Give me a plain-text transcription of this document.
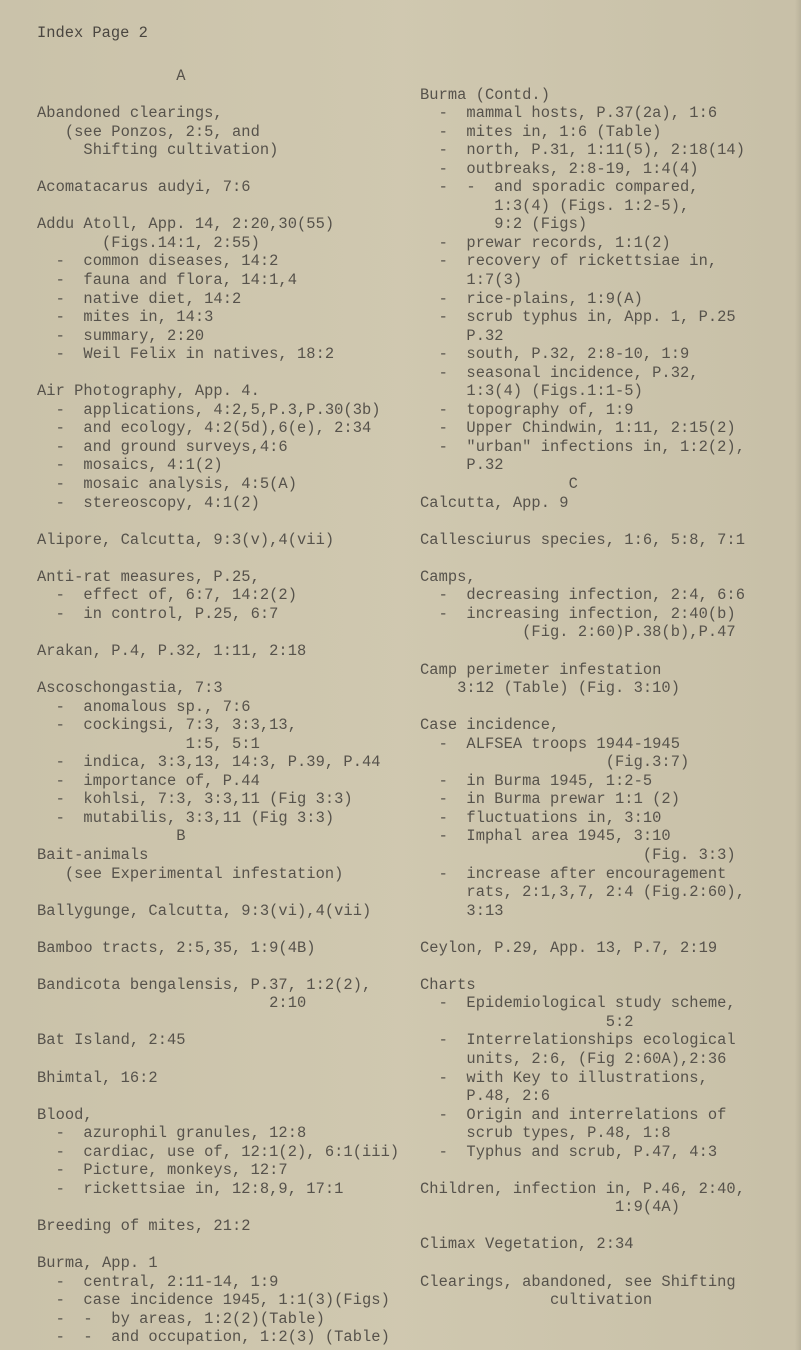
Index Page 2
A
Abandoned clearings,
(see Ponzos, 2:5, and
Shifting cultivation)
Acomatacarus audyi, 7:6
Addu Atoll, App. 14, 2:20,30(55)
(Figs.14:1, 2:55)
-  common diseases, 14:2
-  fauna and flora, 14:1,4
-  native diet, 14:2
-  mites in, 14:3
-  summary, 2:20
-  Weil Felix in natives, 18:2
Air Photography, App. 4.
-  applications, 4:2,5,P.3,P.30(3b)
-  and ecology, 4:2(5d),6(e), 2:34
-  and ground surveys,4:6
-  mosaics, 4:1(2)
-  mosaic analysis, 4:5(A)
-  stereoscopy, 4:1(2)
Alipore, Calcutta, 9:3(v),4(vii)
Anti-rat measures, P.25,
-  effect of, 6:7, 14:2(2)
-  in control, P.25, 6:7
Arakan, P.4, P.32, 1:11, 2:18
Ascoschongastia, 7:3
-  anomalous sp., 7:6
-  cockingsi, 7:3, 3:3,13,
1:5, 5:1
-  indica, 3:3,13, 14:3, P.39, P.44
-  importance of, P.44
-  kohlsi, 7:3, 3:3,11 (Fig 3:3)
-  mutabilis, 3:3,11 (Fig 3:3)
B
Bait-animals
(see Experimental infestation)
Ballygunge, Calcutta, 9:3(vi),4(vii)
Bamboo tracts, 2:5,35, 1:9(4B)
Bandicota bengalensis, P.37, 1:2(2),
2:10
Bat Island, 2:45
Bhimtal, 16:2
Blood,
-  azurophil granules, 12:8
-  cardiac, use of, 12:1(2), 6:1(iii)
-  Picture, monkeys, 12:7
-  rickettsiae in, 12:8,9, 17:1
Breeding of mites, 21:2
Burma, App. 1
-  central, 2:11-14, 1:9
-  case incidence 1945, 1:1(3)(Figs)
-  -  by areas, 1:2(2)(Table)
-  -  and occupation, 1:2(3) (Table)
Burma (Contd.)
-  mammal hosts, P.37(2a), 1:6
-  mites in, 1:6 (Table)
-  north, P.31, 1:11(5), 2:18(14)
-  outbreaks, 2:8-19, 1:4(4)
-  -  and sporadic compared,
1:3(4) (Figs. 1:2-5),
9:2 (Figs)
-  prewar records, 1:1(2)
-  recovery of rickettsiae in,
1:7(3)
-  rice-plains, 1:9(A)
-  scrub typhus in, App. 1, P.25
P.32
-  south, P.32, 2:8-10, 1:9
-  seasonal incidence, P.32,
1:3(4) (Figs.1:1-5)
-  topography of, 1:9
-  Upper Chindwin, 1:11, 2:15(2)
-  "urban" infections in, 1:2(2),
P.32
C
Calcutta, App. 9
Callesciurus species, 1:6, 5:8, 7:1
Camps,
-  decreasing infection, 2:4, 6:6
-  increasing infection, 2:40(b)
(Fig. 2:60)P.38(b),P.47
Camp perimeter infestation
3:12 (Table) (Fig. 3:10)
Case incidence,
-  ALFSEA troops 1944-1945
(Fig.3:7)
-  in Burma 1945, 1:2-5
-  in Burma prewar 1:1 (2)
-  fluctuations in, 3:10
-  Imphal area 1945, 3:10
(Fig. 3:3)
-  increase after encouragement
rats, 2:1,3,7, 2:4 (Fig.2:60),
3:13
Ceylon, P.29, App. 13, P.7, 2:19
Charts
-  Epidemiological study scheme,
5:2
-  Interrelationships ecological
units, 2:6, (Fig 2:60A),2:36
-  with Key to illustrations,
P.48, 2:6
-  Origin and interrelations of
scrub types, P.48, 1:8
-  Typhus and scrub, P.47, 4:3
Children, infection in, P.46, 2:40,
1:9(4A)
Climax Vegetation, 2:34
Clearings, abandoned, see Shifting
cultivation
